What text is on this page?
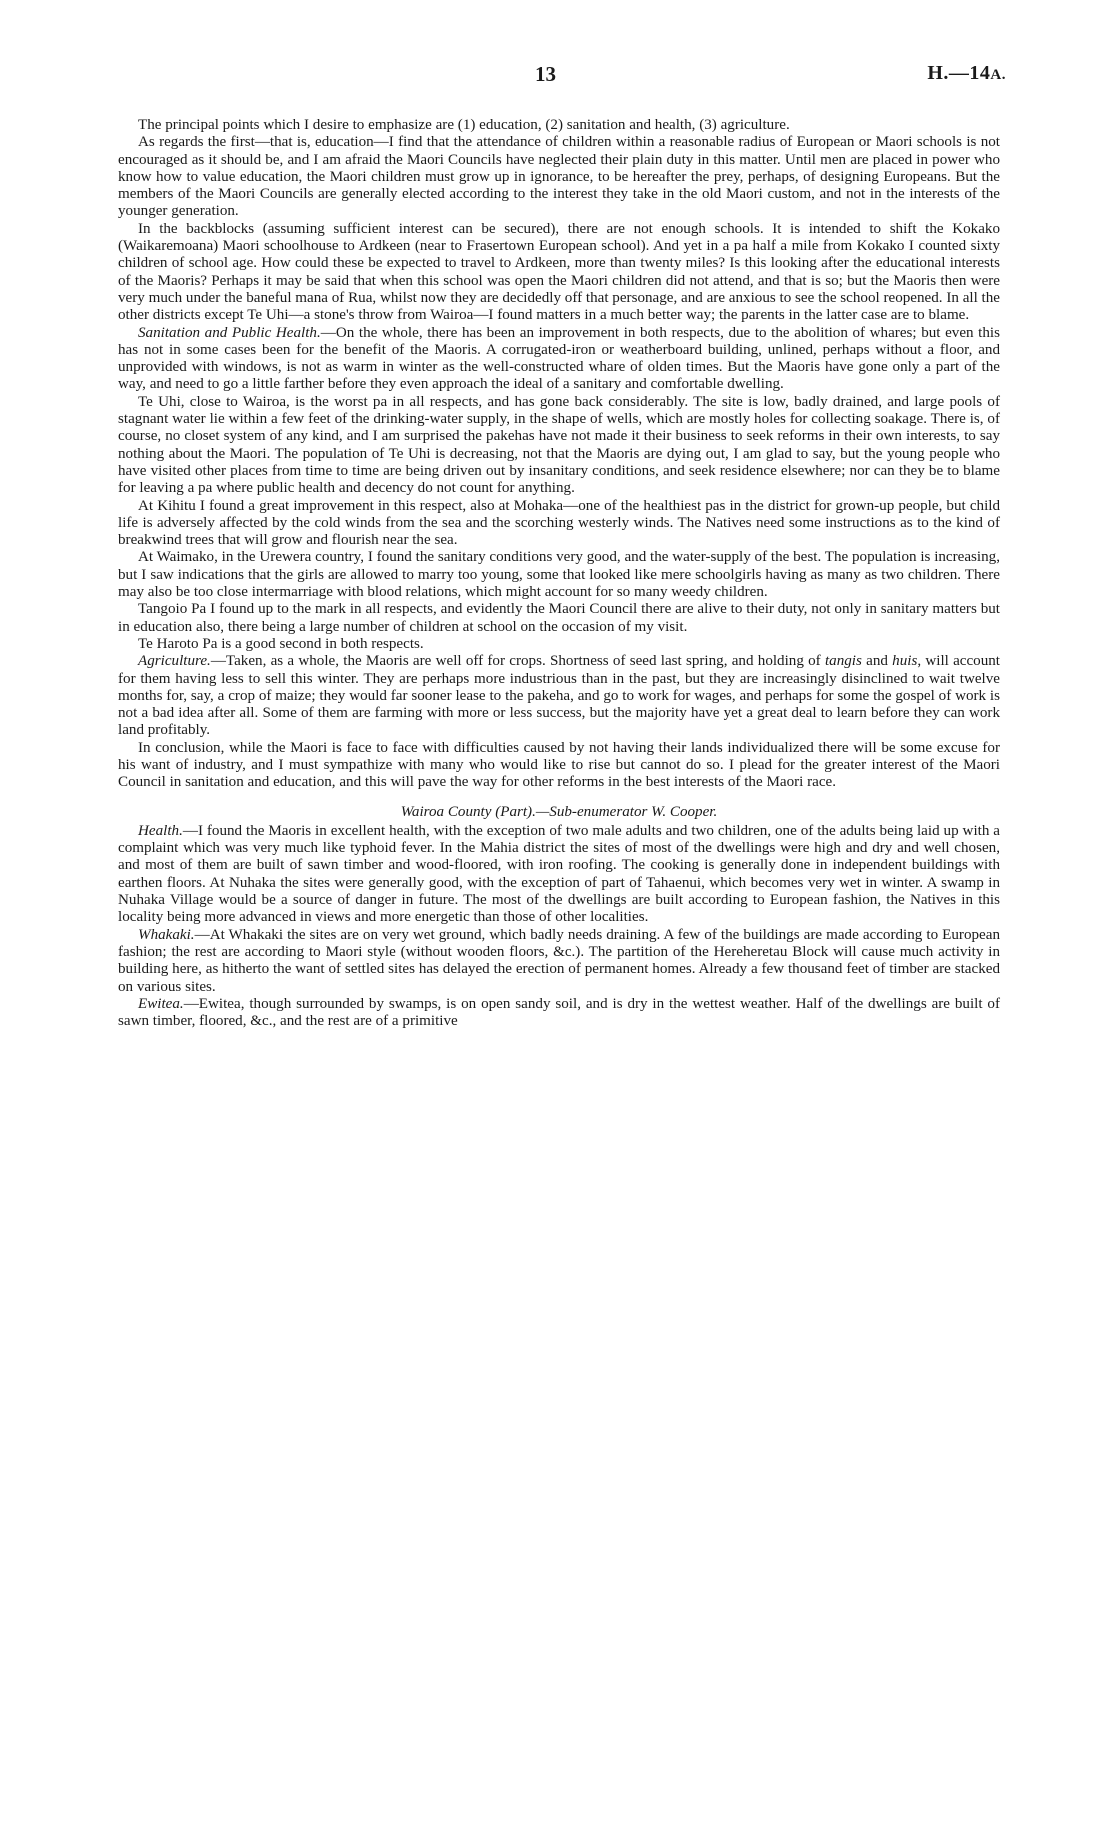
13	H.—14A.

The principal points which I desire to emphasize are (1) education, (2) sanitation and health, (3) agriculture.

As regards the first—that is, education—I find that the attendance of children within a reasonable radius of European or Maori schools is not encouraged as it should be, and I am afraid the Maori Councils have neglected their plain duty in this matter. Until men are placed in power who know how to value education, the Maori children must grow up in ignorance, to be hereafter the prey, perhaps, of designing Europeans. But the members of the Maori Councils are generally elected according to the interest they take in the old Maori custom, and not in the interests of the younger generation.

In the backblocks (assuming sufficient interest can be secured), there are not enough schools. It is intended to shift the Kokako (Waikaremoana) Maori schoolhouse to Ardkeen (near to Frasertown European school). And yet in a pa half a mile from Kokako I counted sixty children of school age. How could these be expected to travel to Ardkeen, more than twenty miles? Is this looking after the educational interests of the Maoris? Perhaps it may be said that when this school was open the Maori children did not attend, and that is so; but the Maoris then were very much under the baneful mana of Rua, whilst now they are decidedly off that personage, and are anxious to see the school reopened. In all the other districts except Te Uhi—a stone's throw from Wairoa—I found matters in a much better way; the parents in the latter case are to blame.

Sanitation and Public Health.—On the whole, there has been an improvement in both respects, due to the abolition of whares; but even this has not in some cases been for the benefit of the Maoris. A corrugated-iron or weatherboard building, unlined, perhaps without a floor, and unprovided with windows, is not as warm in winter as the well-constructed whare of olden times. But the Maoris have gone only a part of the way, and need to go a little farther before they even approach the ideal of a sanitary and comfortable dwelling.

Te Uhi, close to Wairoa, is the worst pa in all respects, and has gone back considerably. The site is low, badly drained, and large pools of stagnant water lie within a few feet of the drinking-water supply, in the shape of wells, which are mostly holes for collecting soakage. There is, of course, no closet system of any kind, and I am surprised the pakehas have not made it their business to seek reforms in their own interests, to say nothing about the Maori. The population of Te Uhi is decreasing, not that the Maoris are dying out, I am glad to say, but the young people who have visited other places from time to time are being driven out by insanitary conditions, and seek residence elsewhere; nor can they be to blame for leaving a pa where public health and decency do not count for anything.

At Kihitu I found a great improvement in this respect, also at Mohaka—one of the healthiest pas in the district for grown-up people, but child life is adversely affected by the cold winds from the sea and the scorching westerly winds. The Natives need some instructions as to the kind of breakwind trees that will grow and flourish near the sea.

At Waimako, in the Urewera country, I found the sanitary conditions very good, and the water-supply of the best. The population is increasing, but I saw indications that the girls are allowed to marry too young, some that looked like mere schoolgirls having as many as two children. There may also be too close intermarriage with blood relations, which might account for so many weedy children.

Tangoio Pa I found up to the mark in all respects, and evidently the Maori Council there are alive to their duty, not only in sanitary matters but in education also, there being a large number of children at school on the occasion of my visit.

Te Haroto Pa is a good second in both respects.

Agriculture.—Taken, as a whole, the Maoris are well off for crops. Shortness of seed last spring, and holding of tangis and huis, will account for them having less to sell this winter. They are perhaps more industrious than in the past, but they are increasingly disinclined to wait twelve months for, say, a crop of maize; they would far sooner lease to the pakeha, and go to work for wages, and perhaps for some the gospel of work is not a bad idea after all. Some of them are farming with more or less success, but the majority have yet a great deal to learn before they can work land profitably.

In conclusion, while the Maori is face to face with difficulties caused by not having their lands individualized there will be some excuse for his want of industry, and I must sympathize with many who would like to rise but cannot do so. I plead for the greater interest of the Maori Council in sanitation and education, and this will pave the way for other reforms in the best interests of the Maori race.

Wairoa County (Part).—Sub-enumerator W. Cooper.

Health.—I found the Maoris in excellent health, with the exception of two male adults and two children, one of the adults being laid up with a complaint which was very much like typhoid fever. In the Mahia district the sites of most of the dwellings were high and dry and well chosen, and most of them are built of sawn timber and wood-floored, with iron roofing. The cooking is generally done in independent buildings with earthen floors. At Nuhaka the sites were generally good, with the exception of part of Tahaenui, which becomes very wet in winter. A swamp in Nuhaka Village would be a source of danger in future. The most of the dwellings are built according to European fashion, the Natives in this locality being more advanced in views and more energetic than those of other localities.

Whakaki.—At Whakaki the sites are on very wet ground, which badly needs draining. A few of the buildings are made according to European fashion; the rest are according to Maori style (without wooden floors, &c.). The partition of the Hereheretau Block will cause much activity in building here, as hitherto the want of settled sites has delayed the erection of permanent homes. Already a few thousand feet of timber are stacked on various sites.

Ewitea.—Ewitea, though surrounded by swamps, is on open sandy soil, and is dry in the wettest weather. Half of the dwellings are built of sawn timber, floored, &c., and the rest are of a primitive
